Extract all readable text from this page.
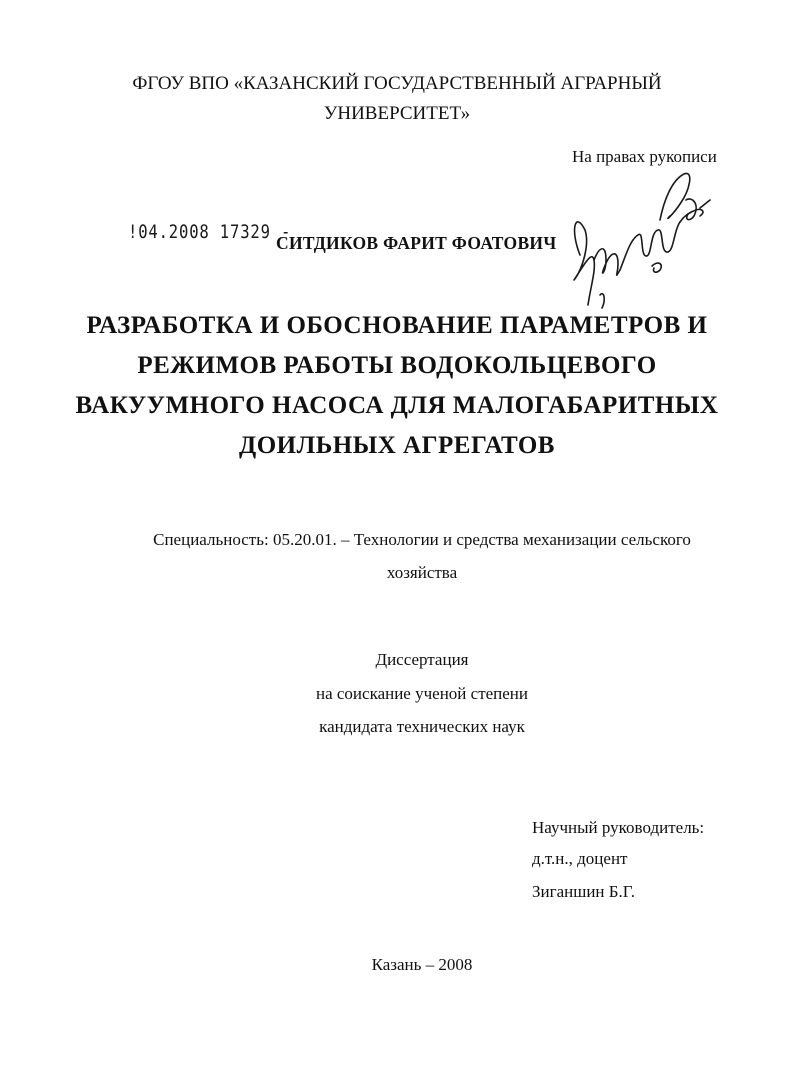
ФГОУ ВПО «КАЗАНСКИЙ ГОСУДАРСТВЕННЫЙ АГРАРНЫЙ
УНИВЕРСИТЕТ»
На правах рукописи
!04.2008 17329 -
СИТДИКОВ ФАРИТ ФОАТОВИЧ
РАЗРАБОТКА И ОБОСНОВАНИЕ ПАРАМЕТРОВ И
РЕЖИМОВ РАБОТЫ ВОДОКОЛЬЦЕВОГО
ВАКУУМНОГО НАСОСА ДЛЯ МАЛОГАБАРИТНЫХ
ДОИЛЬНЫХ АГРЕГАТОВ
Специальность: 05.20.01. – Технологии и средства механизации сельского
хозяйства
Диссертация
на соискание ученой степени
кандидата технических наук
Научный руководитель:
д.т.н., доцент
Зиганшин Б.Г.
Казань – 2008
